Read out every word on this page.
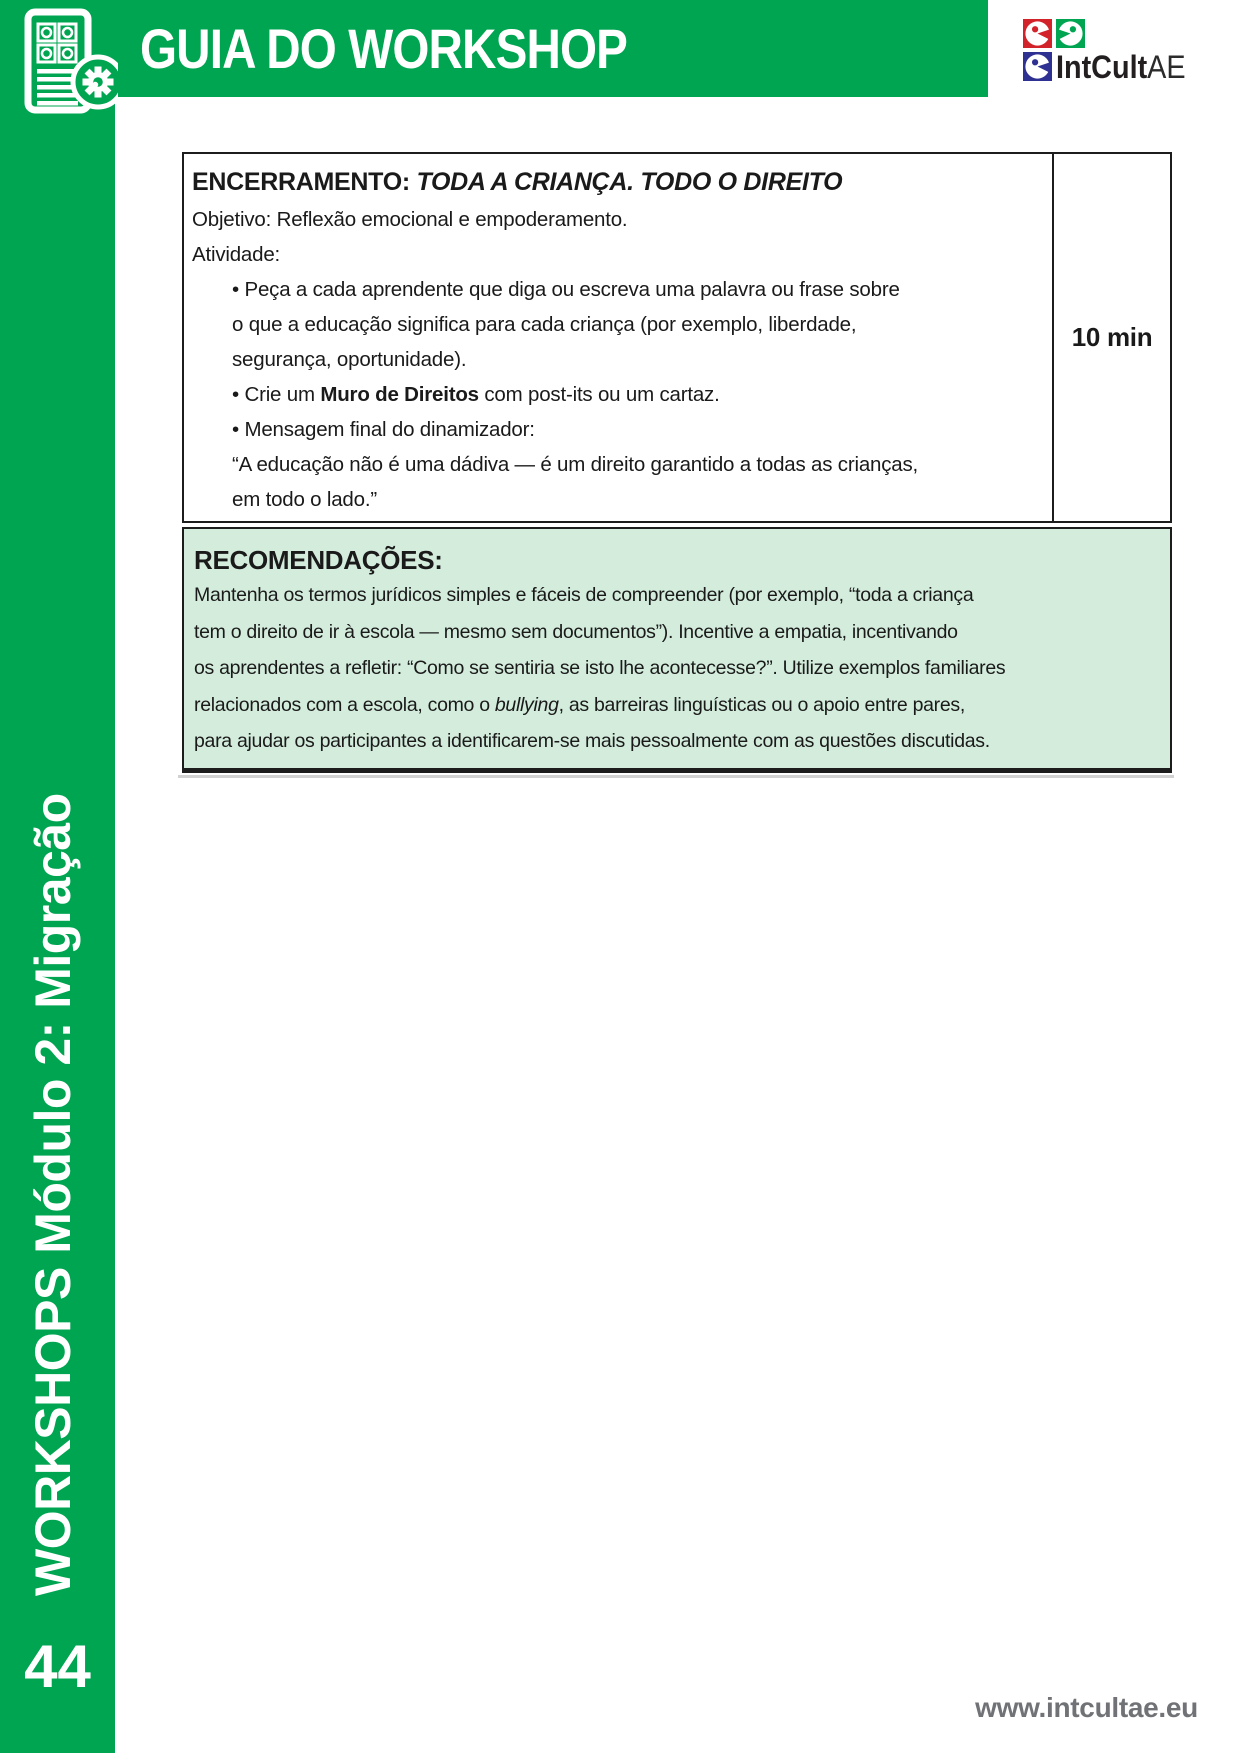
WORKSHOPS Módulo 2: Migração
44
GUIA DO WORKSHOP	IntCultAE
ENCERRAMENTO: TODA A CRIANÇA. TODO O DIREITO
Objetivo: Reflexão emocional e empoderamento.
Atividade:
• Peça a cada aprendente que diga ou escreva uma palavra ou frase sobre
o que a educação significa para cada criança (por exemplo, liberdade,
segurança, oportunidade).
• Crie um Muro de Direitos com post-its ou um cartaz.
• Mensagem final do dinamizador:
“A educação não é uma dádiva — é um direito garantido a todas as crianças,
em todo o lado.”
10 min
RECOMENDAÇÕES:
Mantenha os termos jurídicos simples e fáceis de compreender (por exemplo, “toda a criança
tem o direito de ir à escola — mesmo sem documentos”). Incentive a empatia, incentivando
os aprendentes a refletir: “Como se sentiria se isto lhe acontecesse?”. Utilize exemplos familiares
relacionados com a escola, como o bullying, as barreiras linguísticas ou o apoio entre pares,
para ajudar os participantes a identificarem-se mais pessoalmente com as questões discutidas.
www.intcultae.eu
